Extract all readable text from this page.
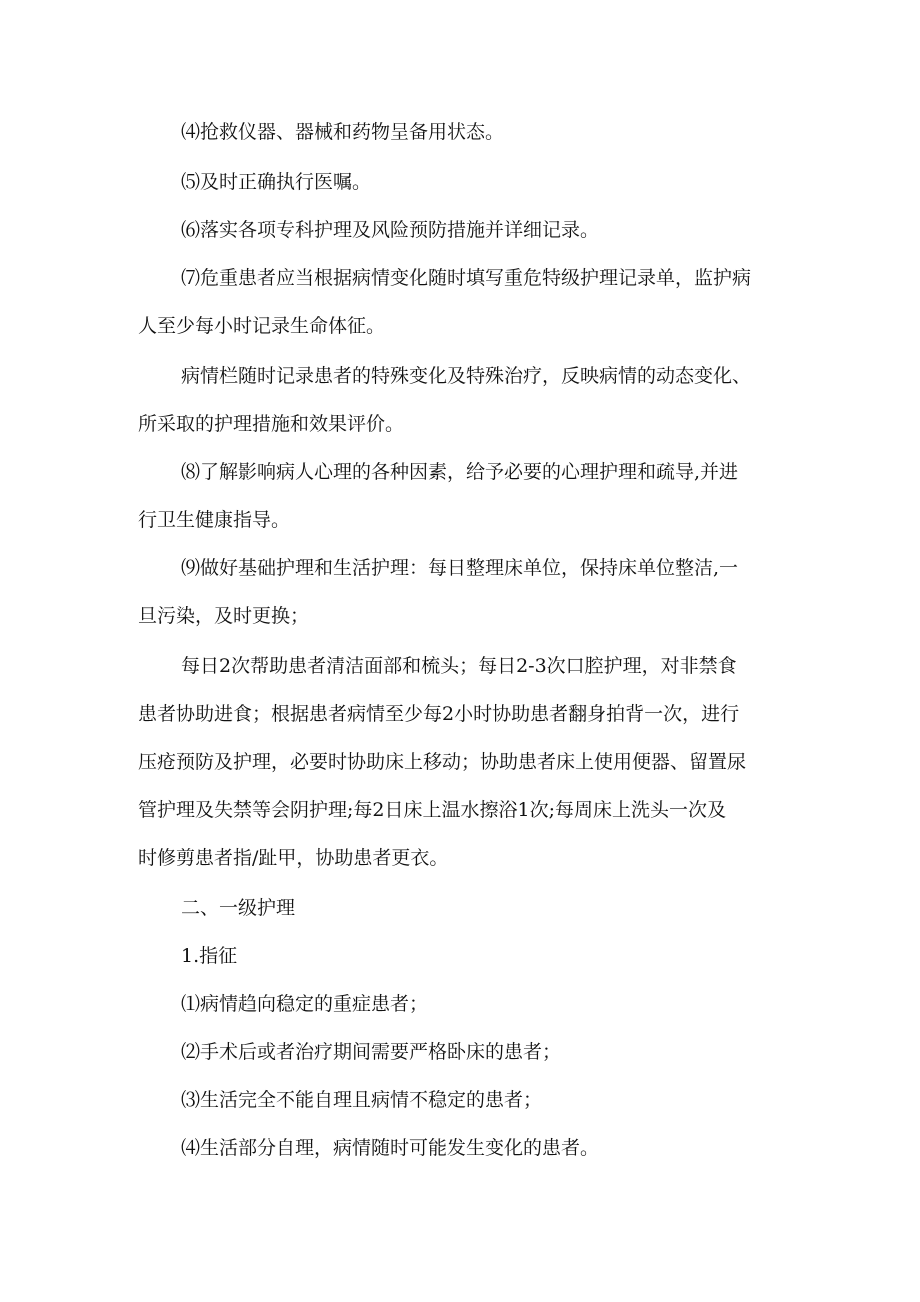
⑷抢救仪器、器械和药物呈备用状态。

⑸及时正确执行医嘱。

⑹落实各项专科护理及风险预防措施并详细记录。

⑺危重患者应当根据病情变化随时填写重危特级护理记录单，监护病
人至少每小时记录生命体征。

病情栏随时记录患者的特殊变化及特殊治疗，反映病情的动态变化、
所采取的护理措施和效果评价。

⑻了解影响病人心理的各种因素，给予必要的心理护理和疏导,并进
行卫生健康指导。

⑼做好基础护理和生活护理：每日整理床单位，保持床单位整洁,一
旦污染，及时更换；

每日2次帮助患者清洁面部和梳头；每日2-3次口腔护理，对非禁食
患者协助进食；根据患者病情至少每2小时协助患者翻身拍背一次，进行
压疮预防及护理，必要时协助床上移动；协助患者床上使用便器、留置尿
管护理及失禁等会阴护理;每2日床上温水擦浴1次;每周床上洗头一次及
时修剪患者指/趾甲，协助患者更衣。

二、一级护理

1.指征

⑴病情趋向稳定的重症患者；

⑵手术后或者治疗期间需要严格卧床的患者；

⑶生活完全不能自理且病情不稳定的患者；

⑷生活部分自理，病情随时可能发生变化的患者。
